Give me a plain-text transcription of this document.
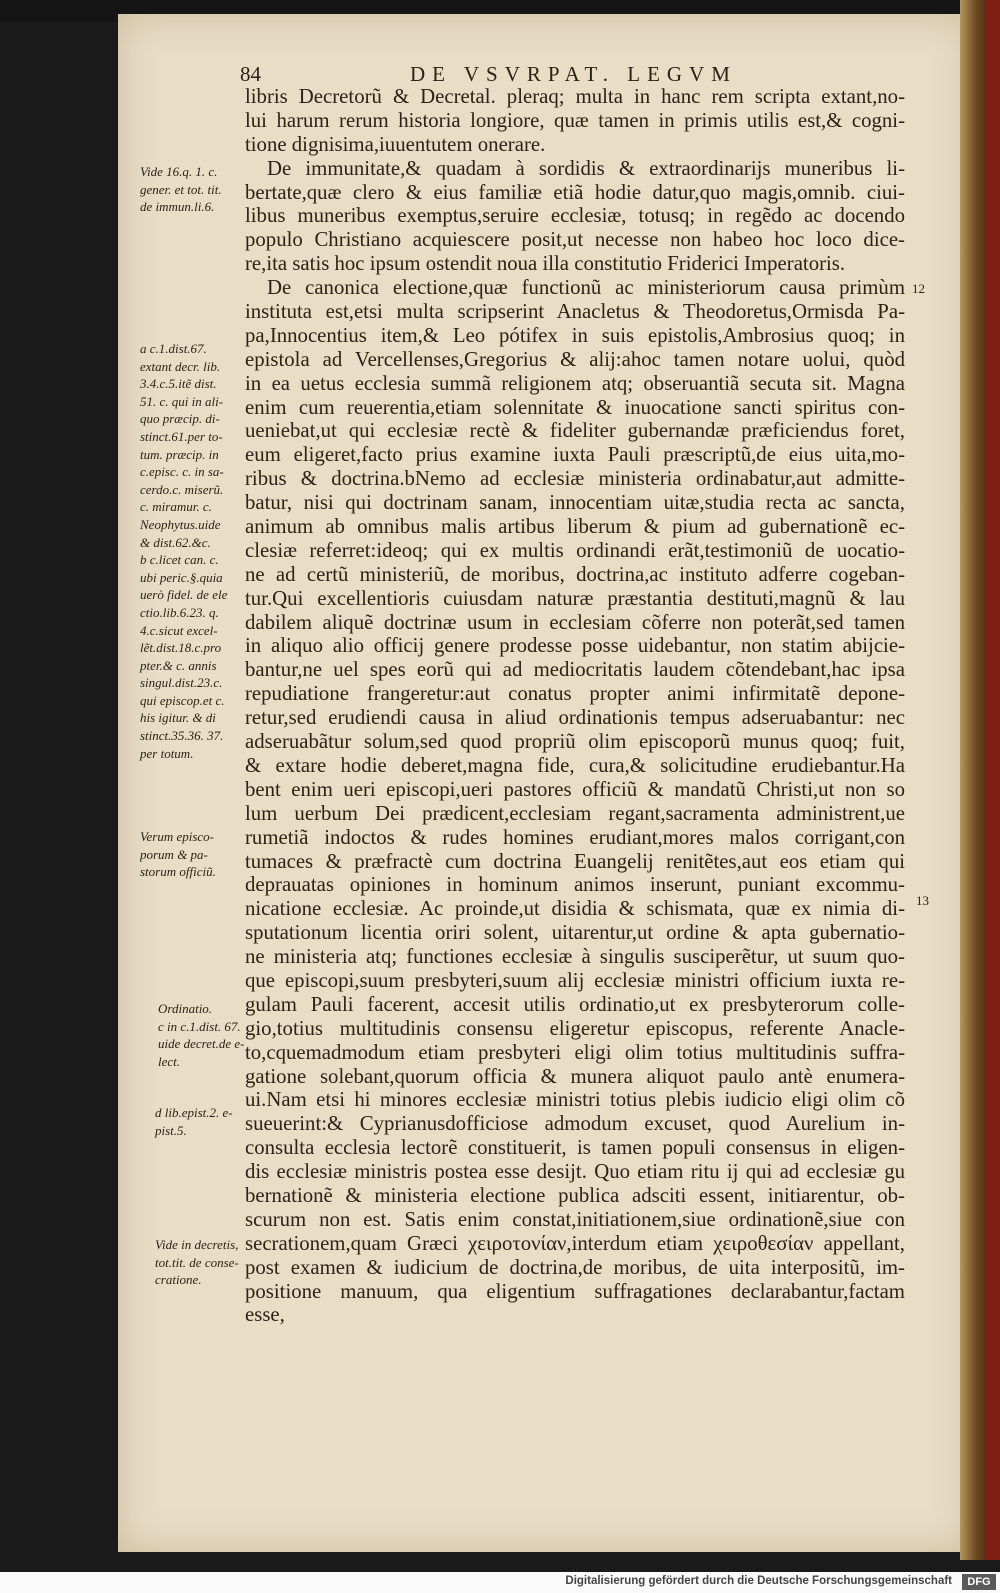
84	DE VSVRPAT. LEGVM
libris Decretorũ & Decretal. pleraq; multa in hanc rem scripta extant,no-
lui harum rerum historia longiore, quæ tamen in primis utilis est,& cogni-
tione dignisima,iuuentutem onerare.
De immunitate,& quadam à sordidis & extraordinarijs muneribus li-
bertate,quæ clero & eius familiæ etiã hodie datur,quo magis,omnib. ciui-
libus muneribus exemptus,seruire ecclesiæ, totusq; in regẽdo ac docendo
populo Christiano acquiescere posit,ut necesse non habeo hoc loco dice-
re,ita satis hoc ipsum ostendit noua illa constitutio Friderici Imperatoris.
De canonica electione,quæ functionũ ac ministeriorum causa primùm
instituta est,etsi multa scripserint Anacletus & Theodoretus,Ormisda Pa-
pa,Innocentius item,& Leo pótifex in suis epistolis,Ambrosius quoq; in
epistola ad Vercellenses,Gregorius & alij:ahoc tamen notare uolui, quòd
in ea uetus ecclesia summã religionem atq; obseruantiã secuta sit. Magna
enim cum reuerentia,etiam solennitate & inuocatione sancti spiritus con-
ueniebat,ut qui ecclesiæ rectè & fideliter gubernandæ præficiendus foret,
eum eligeret,facto prius examine iuxta Pauli præscriptũ,de eius uita,mo-
ribus & doctrina.bNemo ad ecclesiæ ministeria ordinabatur,aut admitte-
batur, nisi qui doctrinam sanam, innocentiam uitæ,studia recta ac sancta,
animum ab omnibus malis artibus liberum & pium ad gubernationẽ ec-
clesiæ referret:ideoq; qui ex multis ordinandi erãt,testimoniũ de uocatio-
ne ad certũ ministeriũ, de moribus, doctrina,ac instituto adferre cogeban-
tur.Qui excellentioris cuiusdam naturæ præstantia destituti,magnũ & lau
dabilem aliquẽ doctrinæ usum in ecclesiam cõferre non poterãt,sed tamen
in aliquo alio officij genere prodesse posse uidebantur, non statim abijcie-
bantur,ne uel spes eorũ qui ad mediocritatis laudem cõtendebant,hac ipsa
repudiatione frangeretur:aut conatus propter animi infirmitatẽ depone-
retur,sed erudiendi causa in aliud ordinationis tempus adseruabantur: nec
adseruabãtur solum,sed quod propriũ olim episcoporũ munus quoq; fuit,
& extare hodie deberet,magna fide, cura,& solicitudine erudiebantur.Ha
bent enim ueri episcopi,ueri pastores officiũ & mandatũ Christi,ut non so
lum uerbum Dei prædicent,ecclesiam regant,sacramenta administrent,ue
rumetiã indoctos & rudes homines erudiant,mores malos corrigant,con
tumaces & præfractè cum doctrina Euangelij renitẽtes,aut eos etiam qui
deprauatas opiniones in hominum animos inserunt, puniant excommu-
nicatione ecclesiæ. Ac proinde,ut disidia & schismata, quæ ex nimia di-
sputationum licentia oriri solent, uitarentur,ut ordine & apta gubernatio-
ne ministeria atq; functiones ecclesiæ à singulis susciperẽtur, ut suum quo-
que episcopi,suum presbyteri,suum alij ecclesiæ ministri officium iuxta re-
gulam Pauli facerent, accesit utilis ordinatio,ut ex presbyterorum colle-
gio,totius multitudinis consensu eligeretur episcopus, referente Anacle-
to,cquemadmodum etiam presbyteri eligi olim totius multitudinis suffra-
gatione solebant,quorum officia & munera aliquot paulo antè enumera-
ui.Nam etsi hi minores ecclesiæ ministri totius plebis iudicio eligi olim cõ
sueuerint:& Cyprianusdofficiose admodum excuset, quod Aurelium in-
consulta ecclesia lectorẽ constituerit, is tamen populi consensus in eligen-
dis ecclesiæ ministris postea esse desijt. Quo etiam ritu ij qui ad ecclesiæ gu
bernationẽ & ministeria electione publica adsciti essent, initiarentur, ob-
scurum non est. Satis enim constat,initiationem,siue ordinationẽ,siue con
secrationem,quam Græci χειροτονίαν,interdum etiam χειροθεσίαν appellant,
post examen & iudicium de doctrina,de moribus, de uita interpositũ, im-
positione manuum, qua eligentium suffragationes declarabantur,factam
esse,
Vide 16.q. 1. c.
gener. et tot. tit.
de immun.li.6.
a c.1.dist.67.
extant decr. lib.
3.4.c.5.itẽ dist.
51. c. qui in ali-
quo præcip. di-
stinct.61.per to-
tum. præcip. in
c.episc. c. in sa-
cerdo.c. miserũ.
c. miramur. c.
Neophytus.uide
& dist.62.&c.
b c.licet can. c.
ubi peric.§.quia
uerò fidel. de ele
ctio.lib.6.23. q.
4.c.sicut excel-
lẽt.dist.18.c.pro
pter.& c. annis
singul.dist.23.c.
qui episcop.et c.
his igitur. & di
stinct.35.36. 37.
per totum.
Verum episco-
porum & pa-
storum officiũ.
Ordinatio.
c in c.1.dist. 67.
uide decret.de e-
lect.
d lib.epist.2. e-
pist.5.
Vide in decretis,
tot.tit. de conse-
cratione.
12
13
Digitalisierung gefördert durch die Deutsche Forschungsgemeinschaft	DFG
